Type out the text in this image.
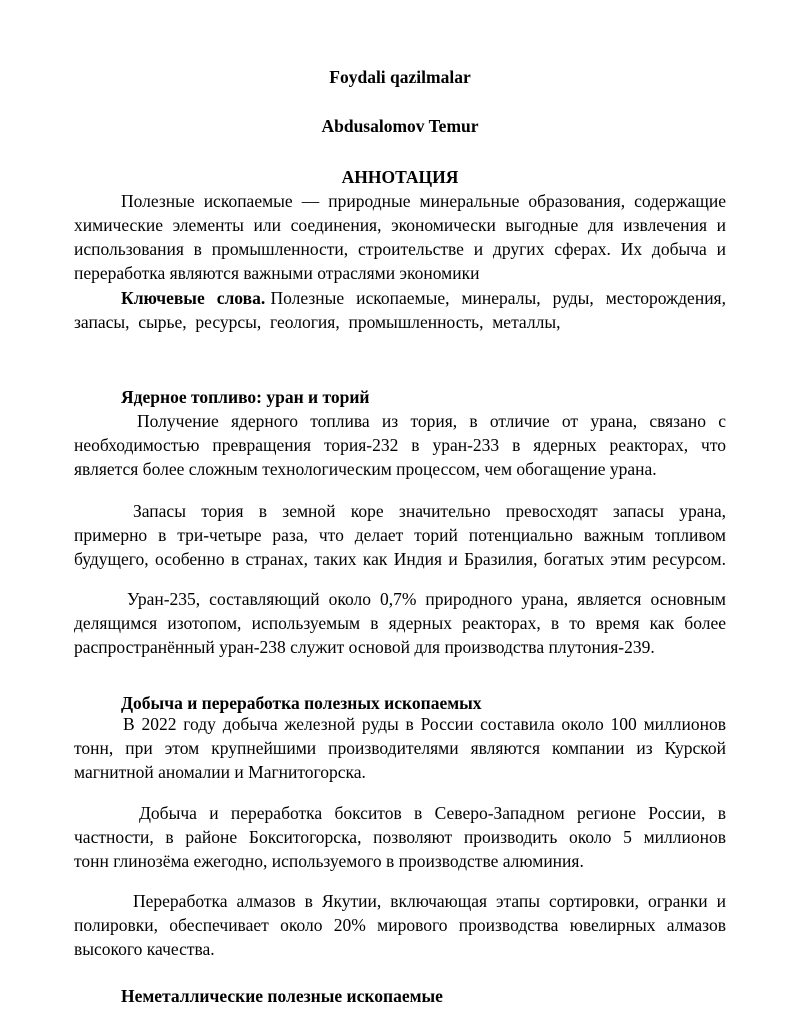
Foydali qazilmalar
Abdusalomov Temur
АННОТАЦИЯ
Полезные ископаемые — природные минеральные образования, содержащие
химические элементы или соединения, экономически выгодные для извлечения и
использования в промышленности, строительстве и других сферах. Их добыча и
переработка являются важными отраслями экономики
Ключевые слова. Полезные ископаемые, минералы, руды, месторождения,
запасы,  сырье,  ресурсы,  геология,  промышленность,  металлы,
Ядерное топливо: уран и торий
Получение ядерного топлива из тория, в отличие от урана, связано с
необходимостью превращения тория-232 в уран-233 в ядерных реакторах, что
является более сложным технологическим процессом, чем обогащение урана.
Запасы тория в земной коре значительно превосходят запасы урана,
примерно в три-четыре раза, что делает торий потенциально важным топливом
будущего, особенно в странах, таких как Индия и Бразилия, богатых этим ресурсом.
Уран-235, составляющий около 0,7% природного урана, является основным
делящимся изотопом, используемым в ядерных реакторах, в то время как более
распространённый уран-238 служит основой для производства плутония-239.
Добыча и переработка полезных ископаемых
В 2022 году добыча железной руды в России составила около 100 миллионов
тонн, при этом крупнейшими производителями являются компании из Курской
магнитной аномалии и Магнитогорска.
Добыча и переработка бокситов в Северо-Западном регионе России, в
частности, в районе Бокситогорска, позволяют производить около 5 миллионов
тонн глинозёма ежегодно, используемого в производстве алюминия.
Переработка алмазов в Якутии, включающая этапы сортировки, огранки и
полировки, обеспечивает около 20% мирового производства ювелирных алмазов
высокого качества.
Неметаллические полезные ископаемые
